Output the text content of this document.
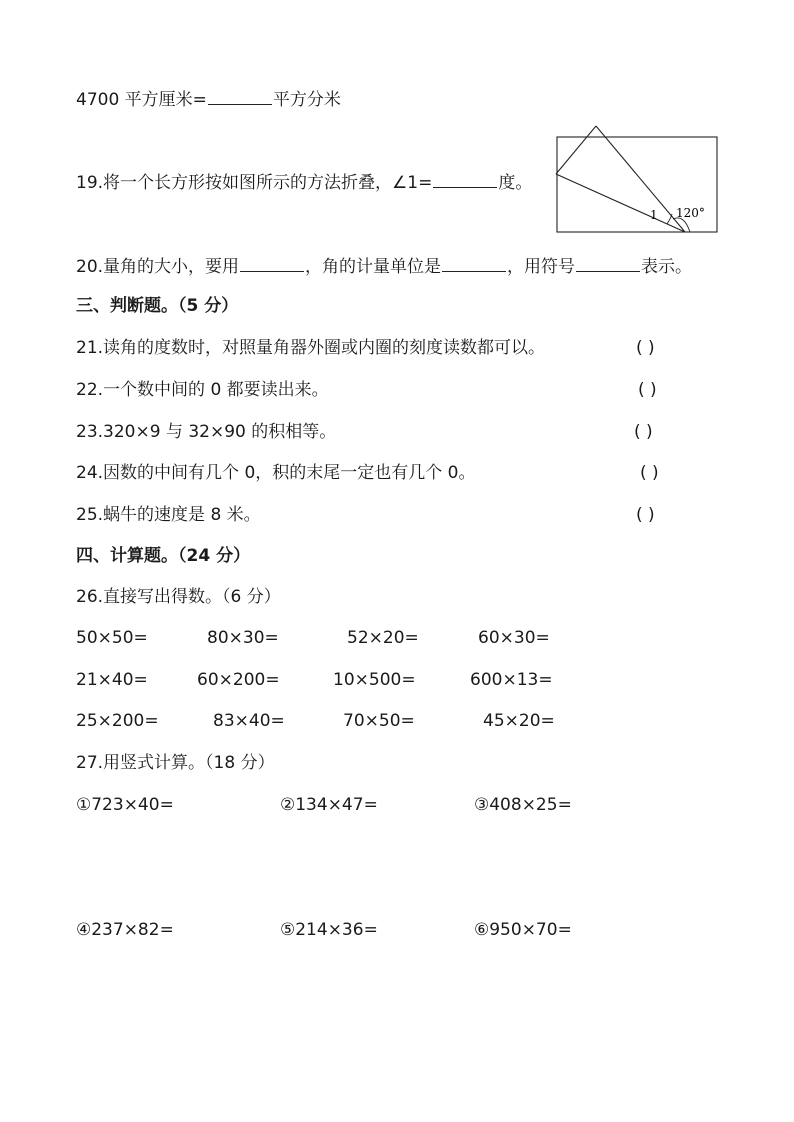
4700 平方厘米=	平方分米
19.将一个长方形按如图所示的方法折叠，∠1=	度。
1 120°
20.量角的大小，要用	，角的计量单位是	，用符号	表示。
三、判断题。（5 分）
21.读角的度数时，对照量角器外圈或内圈的刻度读数都可以。	( )
22.一个数中间的 0 都要读出来。	( )
23.320×9 与 32×90 的积相等。	( )
24.因数的中间有几个 0，积的末尾一定也有几个 0。	( )
25.蜗牛的速度是 8 米。	( )
四、计算题。（24 分）
26.直接写出得数。（6 分）
50×50=	80×30=	52×20=	60×30=
21×40=	60×200=	10×500=	600×13=
25×200=	83×40=	70×50=	45×20=
27.用竖式计算。（18 分）
①723×40=	②134×47=	③408×25=
④237×82=	⑤214×36=	⑥950×70=
